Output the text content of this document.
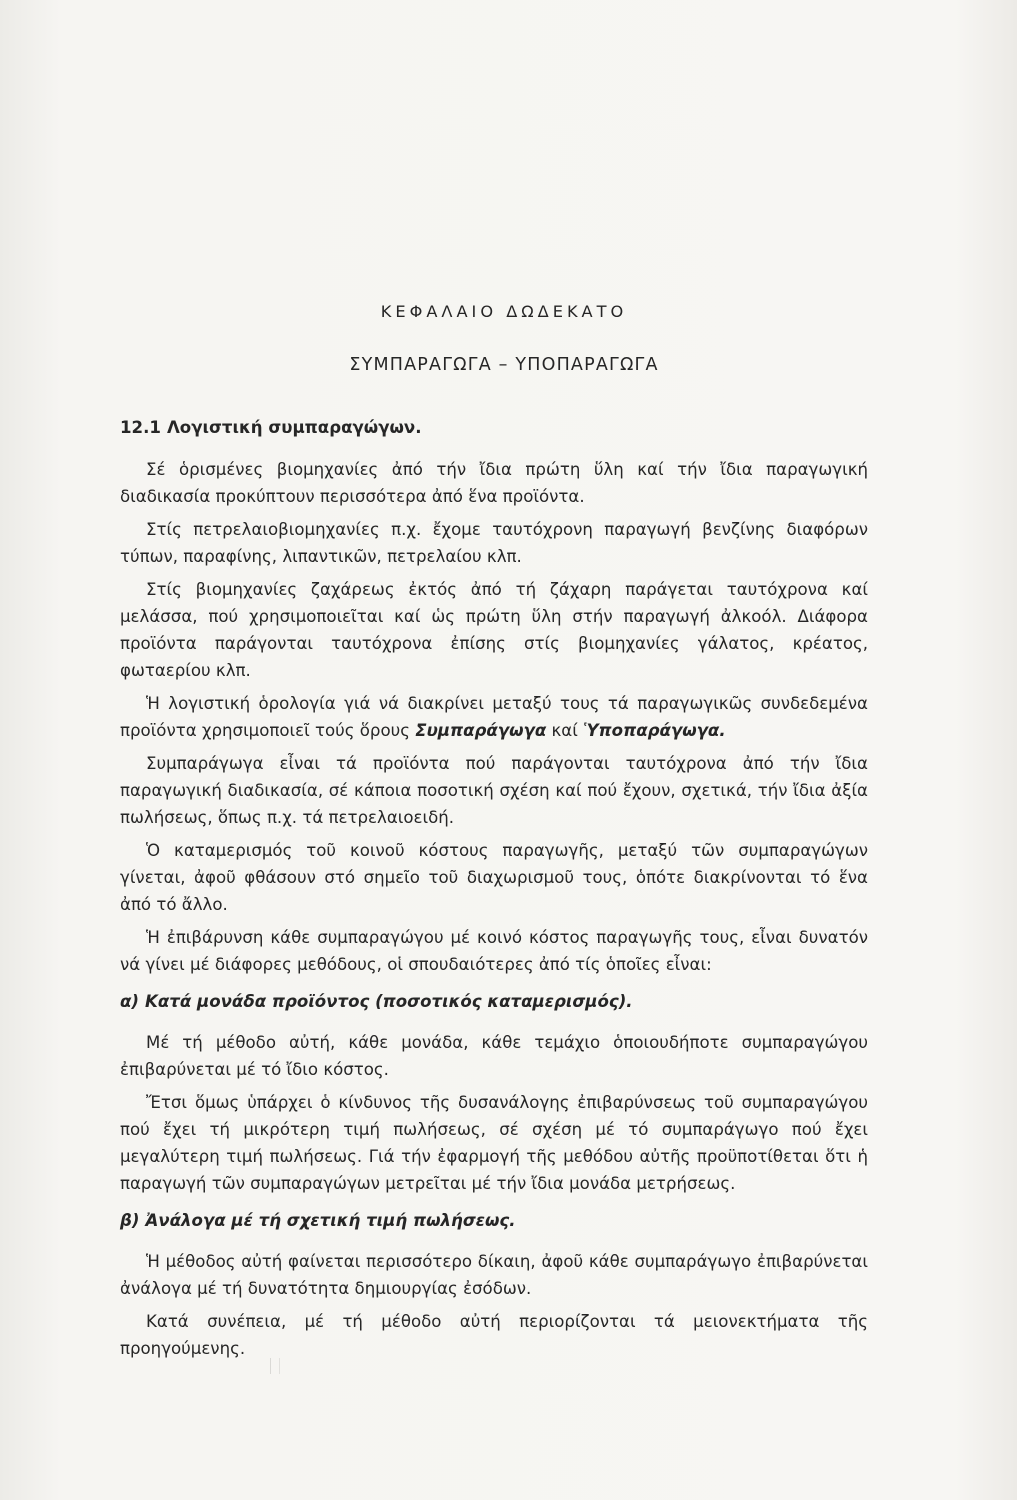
ΚΕΦΑΛΑΙΟ ΔΩΔΕΚΑΤΟ
ΣΥΜΠΑΡΑΓΩΓΑ – ΥΠΟΠΑΡΑΓΩΓΑ
12.1 Λογιστική συμπαραγώγων.

Σέ ὁρισμένες βιομηχανίες ἀπό τήν ἴδια πρώτη ὕλη καί τήν ἴδια παραγωγική διαδικασία προκύπτουν περισσότερα ἀπό ἕνα προϊόντα.

Στίς πετρελαιοβιομηχανίες π.χ. ἔχομε ταυτόχρονη παραγωγή βενζίνης διαφόρων τύπων, παραφίνης, λιπαντικῶν, πετρελαίου κλπ.

Στίς βιομηχανίες ζαχάρεως ἐκτός ἀπό τή ζάχαρη παράγεται ταυτόχρονα καί μελάσσα, πού χρησιμοποιεῖται καί ὡς πρώτη ὕλη στήν παραγωγή ἀλκοόλ. Διάφορα προϊόντα παράγονται ταυτόχρονα ἐπίσης στίς βιομηχανίες γάλατος, κρέατος, φωταερίου κλπ.

Ἡ λογιστική ὁρολογία γιά νά διακρίνει μεταξύ τους τά παραγωγικῶς συνδεδεμένα προϊόντα χρησιμοποιεῖ τούς ὅρους Συμπαράγωγα καί Ὑποπαράγωγα.

Συμπαράγωγα εἶναι τά προϊόντα πού παράγονται ταυτόχρονα ἀπό τήν ἴδια παραγωγική διαδικασία, σέ κάποια ποσοτική σχέση καί πού ἔχουν, σχετικά, τήν ἴδια ἀξία πωλήσεως, ὅπως π.χ. τά πετρελαιοειδή.

Ὁ καταμερισμός τοῦ κοινοῦ κόστους παραγωγῆς, μεταξύ τῶν συμπαραγώγων γίνεται, ἀφοῦ φθάσουν στό σημεῖο τοῦ διαχωρισμοῦ τους, ὁπότε διακρίνονται τό ἕνα ἀπό τό ἄλλο.

Ἡ ἐπιβάρυνση κάθε συμπαραγώγου μέ κοινό κόστος παραγωγῆς τους, εἶναι δυνατόν νά γίνει μέ διάφορες μεθόδους, οἱ σπουδαιότερες ἀπό τίς ὁποῖες εἶναι:

α) Κατά μονάδα προϊόντος (ποσοτικός καταμερισμός).

Μέ τή μέθοδο αὐτή, κάθε μονάδα, κάθε τεμάχιο ὁποιουδήποτε συμπαραγώγου ἐπιβαρύνεται μέ τό ἴδιο κόστος.

Ἔτσι ὅμως ὑπάρχει ὁ κίνδυνος τῆς δυσανάλογης ἐπιβαρύνσεως τοῦ συμπαραγώγου πού ἔχει τή μικρότερη τιμή πωλήσεως, σέ σχέση μέ τό συμπαράγωγο πού ἔχει μεγαλύτερη τιμή πωλήσεως. Γιά τήν ἐφαρμογή τῆς μεθόδου αὐτῆς προϋποτίθεται ὅτι ἡ παραγωγή τῶν συμπαραγώγων μετρεῖται μέ τήν ἴδια μονάδα μετρήσεως.

β) Ἀνάλογα μέ τή σχετική τιμή πωλήσεως.

Ἡ μέθοδος αὐτή φαίνεται περισσότερο δίκαιη, ἀφοῦ κάθε συμπαράγωγο ἐπιβαρύνεται ἀνάλογα μέ τή δυνατότητα δημιουργίας ἐσόδων.

Κατά συνέπεια, μέ τή μέθοδο αὐτή περιορίζονται τά μειονεκτήματα τῆς προηγούμενης.
